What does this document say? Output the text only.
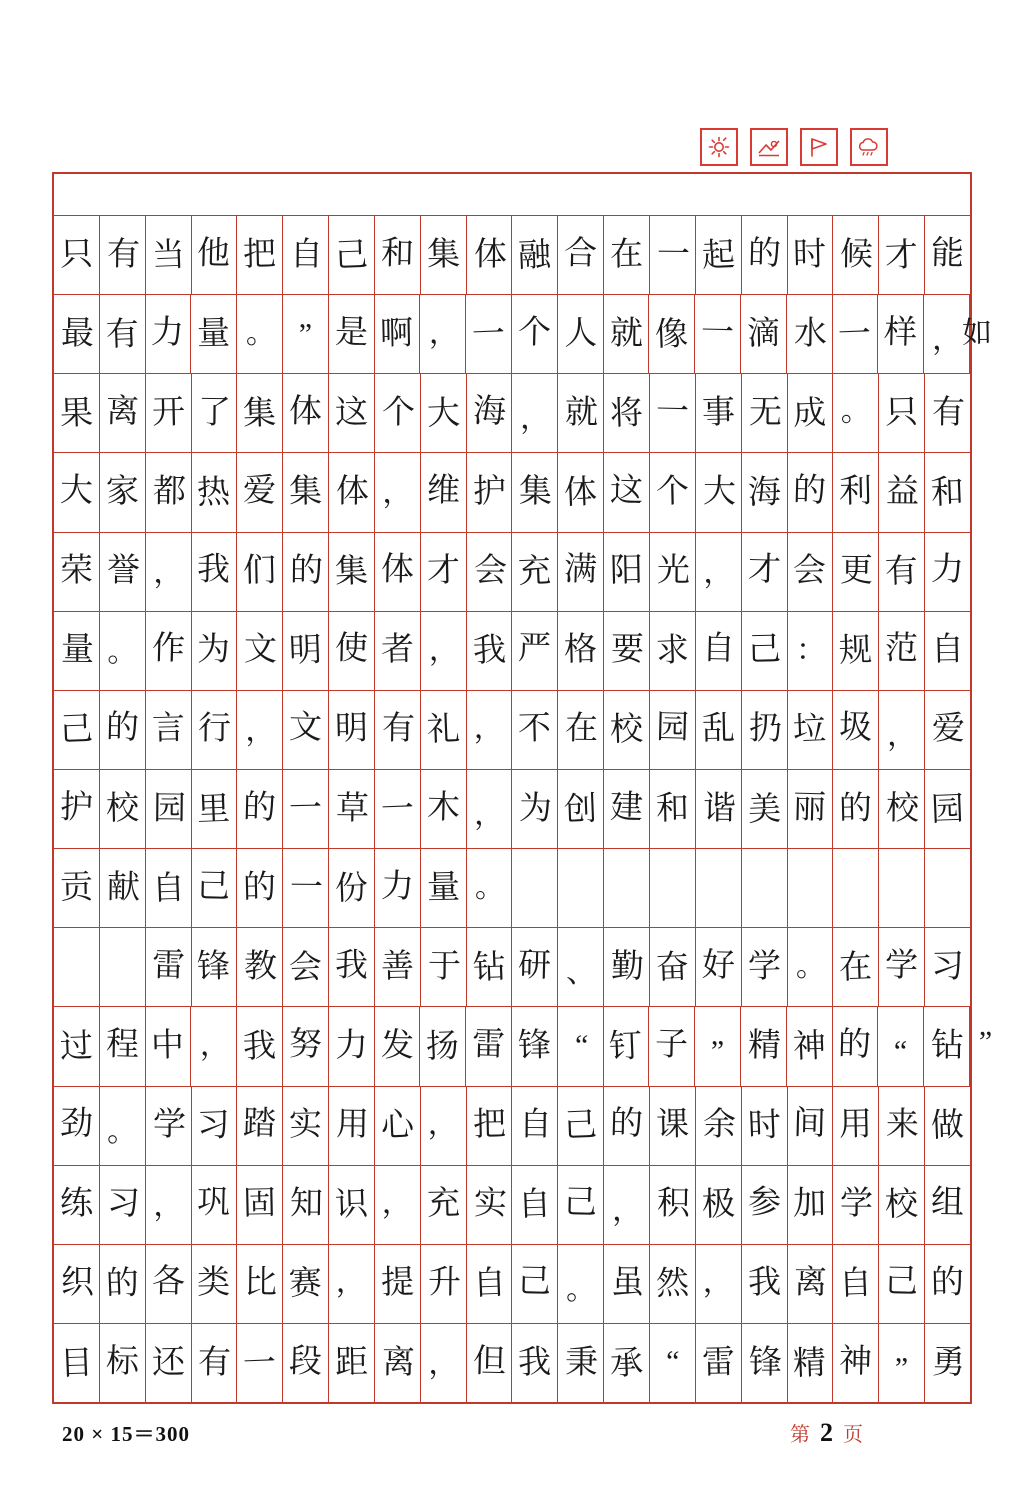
只 有 当 他 把 自 己 和 集 体 融 合 在 一 起 的 时 候 才 能
最 有 力 量 。 ” 是 啊 ， 一 个 人 就 像 一 滴 水 一 样 ， 如
果 离 开 了 集 体 这 个 大 海 ， 就 将 一 事 无 成 。 只 有
大 家 都 热 爱 集 体 ， 维 护 集 体 这 个 大 海 的 利 益 和
荣 誉 ， 我 们 的 集 体 才 会 充 满 阳 光 ， 才 会 更 有 力
量 。 作 为 文 明 使 者 ， 我 严 格 要 求 自 己 ： 规 范 自
己 的 言 行 ， 文 明 有 礼 ， 不 在 校 园 乱 扔 垃 圾 ， 爱
护 校 园 里 的 一 草 一 木 ， 为 创 建 和 谐 美 丽 的 校 园
贡 献 自 己 的 一 份 力 量 。
雷 锋 教 会 我 善 于 钻 研 、 勤 奋 好 学 。 在 学 习
过 程 中 ， 我 努 力 发 扬 雷 锋 “ 钉 子 ” 精 神 的 “ 钻 ”
劲 。 学 习 踏 实 用 心 ， 把 自 己 的 课 余 时 间 用 来 做
练 习 ， 巩 固 知 识 ， 充 实 自 己 ， 积 极 参 加 学 校 组
织 的 各 类 比 赛 ， 提 升 自 己 。 虽 然 ， 我 离 自 己 的
目 标 还 有 一 段 距 离 ， 但 我 秉 承 “ 雷 锋 精 神 ” 勇
20 × 15＝300	第 2 页
